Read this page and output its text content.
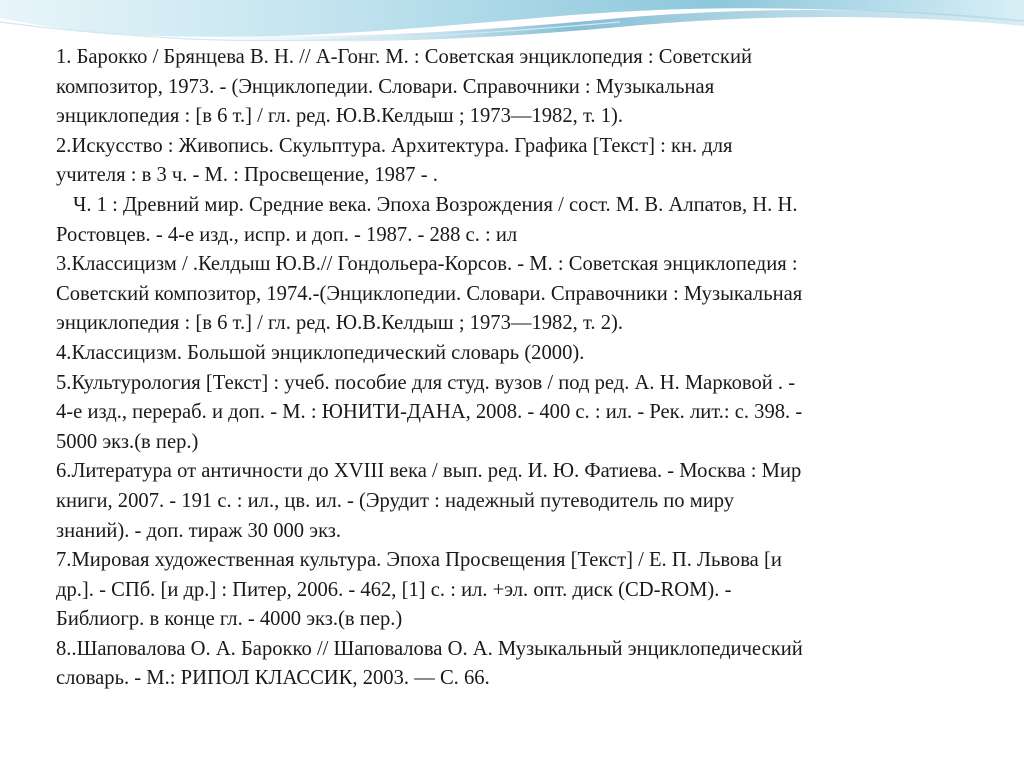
1. Барокко / Брянцева В. Н. // А-Гонг. М. : Советская энциклопедия : Советский

композитор, 1973. - (Энциклопедии. Словари. Справочники : Музыкальная

энциклопедия : [в 6 т.] / гл. ред. Ю.В.Келдыш ; 1973—1982, т. 1).

2.Искусство : Живопись. Скульптура. Архитектура. Графика [Текст] : кн. для

учителя : в 3 ч. - М. : Просвещение, 1987 - .

Ч. 1 : Древний мир. Средние века. Эпоха Возрождения / сост. М. В. Алпатов, Н. Н.

Ростовцев. - 4-е изд., испр. и доп. - 1987. - 288 с. : ил

3.Классицизм / .Келдыш Ю.В.// Гондольера-Корсов. - М. : Советская энциклопедия :

Советский композитор, 1974.-(Энциклопедии. Словари. Справочники : Музыкальная

энциклопедия : [в 6 т.] / гл. ред. Ю.В.Келдыш ; 1973—1982, т. 2).

4.Классицизм. Большой энциклопедический словарь (2000).

5.Культурология [Текст] : учеб. пособие для студ. вузов / под ред. А. Н. Марковой . -

4-е изд., перераб. и доп. - М. : ЮНИТИ-ДАНА, 2008. - 400 с. : ил. - Рек. лит.: с. 398. -

5000 экз.(в пер.)

6.Литература от античности до XVIII века / вып. ред. И. Ю. Фатиева. - Москва : Мир

книги, 2007. - 191 с. : ил., цв. ил. - (Эрудит : надежный путеводитель по миру

знаний). - доп. тираж 30 000 экз.

7.Мировая художественная культура. Эпоха Просвещения [Текст] / Е. П. Львова [и

др.]. - СПб. [и др.] : Питер, 2006. - 462, [1] с. : ил. +эл. опт. диск (CD-ROM). -

Библиогр. в конце гл. - 4000 экз.(в пер.)

8..Шаповалова О. А. Барокко // Шаповалова О. А. Музыкальный энциклопедический

словарь. - М.: РИПОЛ КЛАССИК, 2003. — С. 66.
